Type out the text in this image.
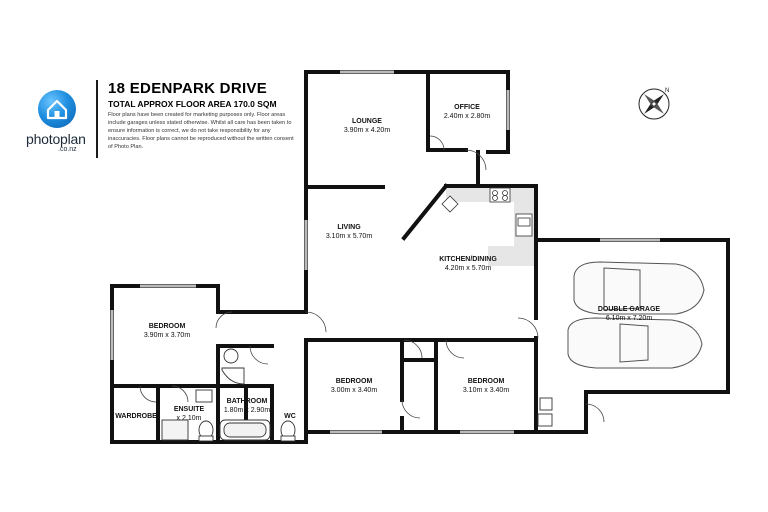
photoplan
.co.nz
18 EDENPARK DRIVE
TOTAL APPROX FLOOR AREA 170.0 SQM
Floor plans have been created for marketing purposes only. Floor areas include garages unless stated otherwise. Whilst all care has been taken to ensure information is correct, we do not take responsibility for any inaccuracies. Floor plans cannot be reproduced without the written consent of Photo Plan.
N
LOUNGE
3.90m x 4.20m
OFFICE
2.40m x 2.80m
LIVING
3.10m x 5.70m
KITCHEN/DINING
4.20m x 5.70m
DOUBLE GARAGE
6.10m x 7.20m
BEDROOM
3.90m x 3.70m
BEDROOM
3.00m x 3.40m
BEDROOM
3.10m x 3.40m
BATHROOM
1.80m x 2.90m
ENSUITE
x 2.10m
WARDROBE	WC
